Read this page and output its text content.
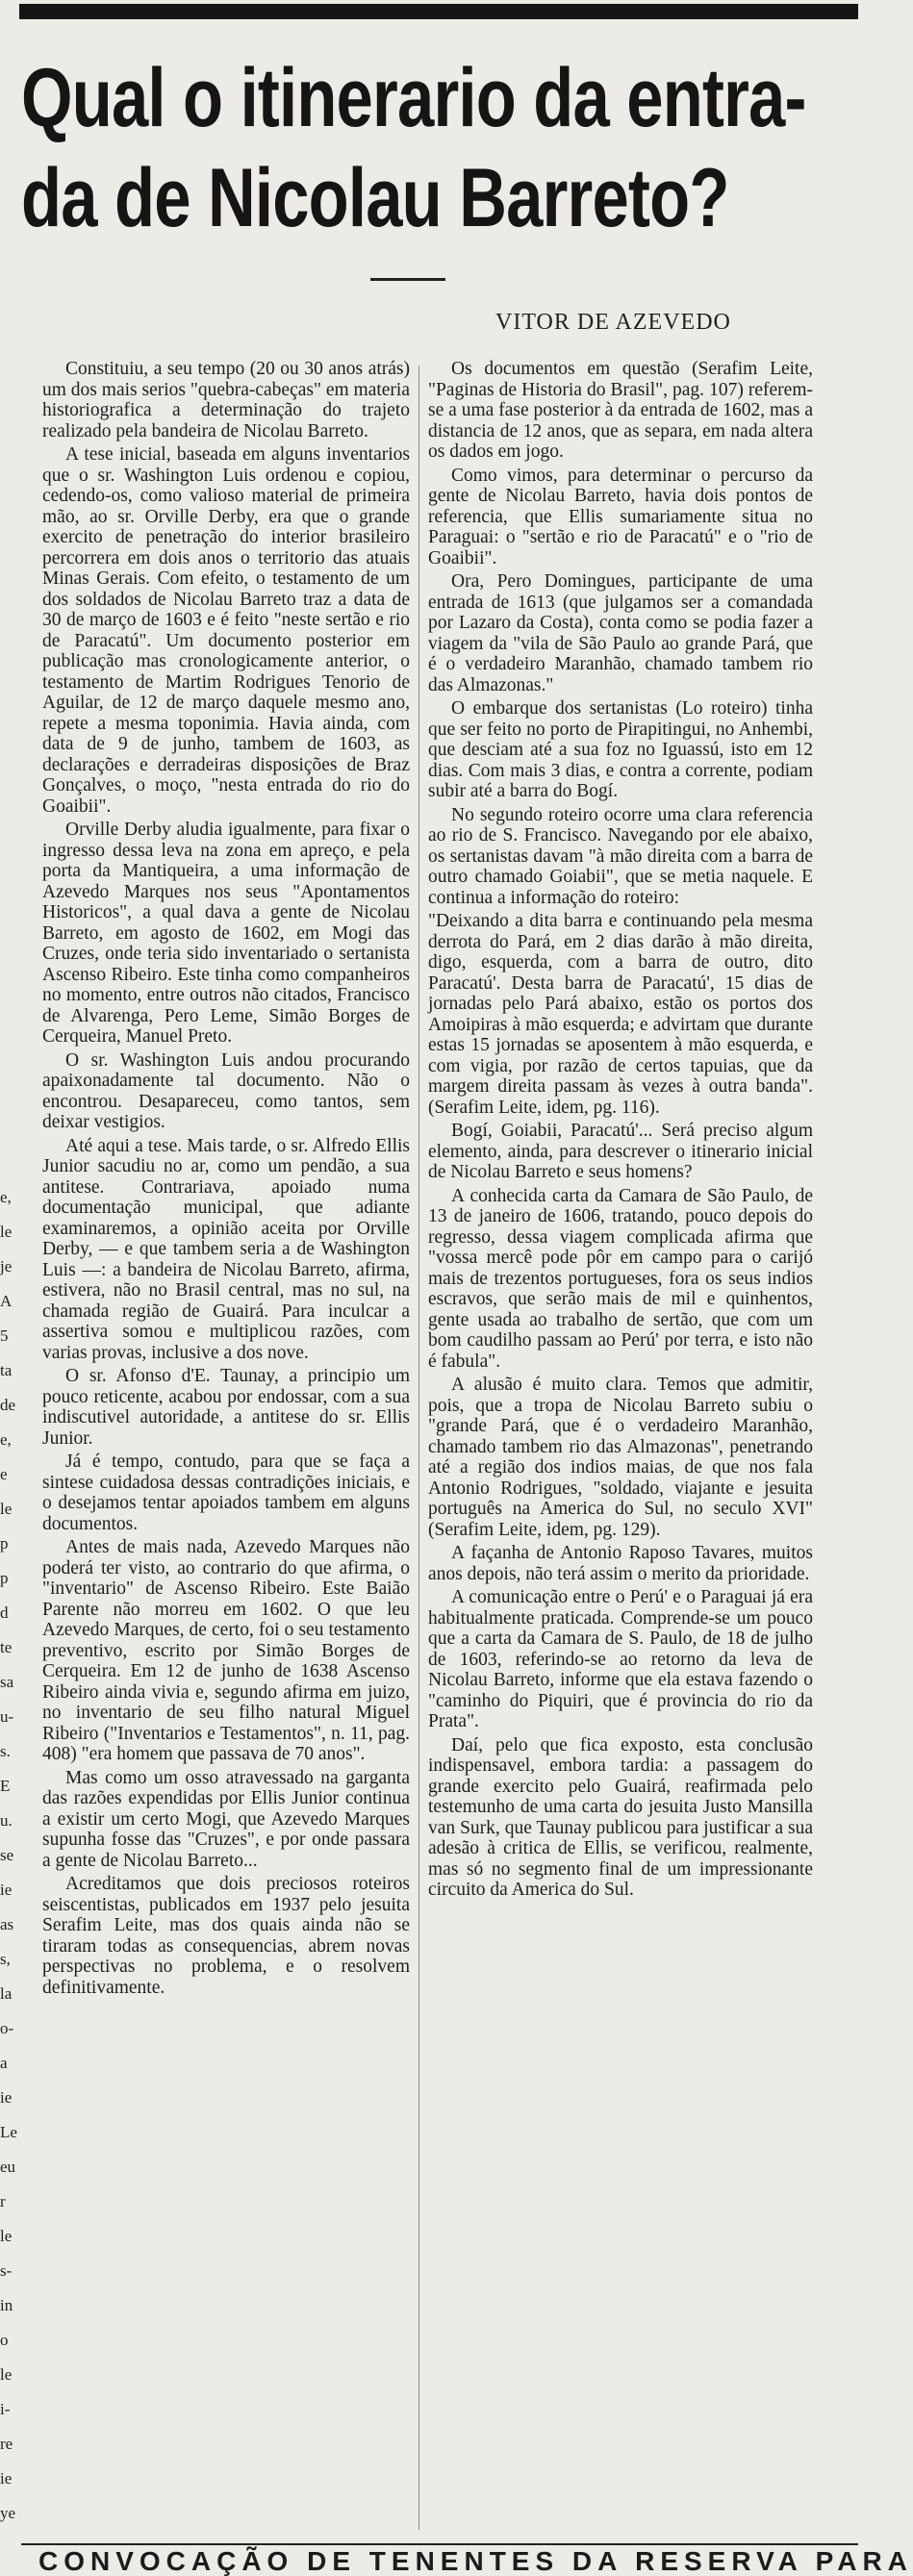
e,
le
je
A
5
ta
de
e,
e
le
p
p
d
te
sa
u-
s.
E
u.
se
ie
as
s,
la
o-
a
ie
Le
eu
r
le
s-
in
o
le
i-
re
ie
ye
Qual o itinerario da entra-
da de Nicolau Barreto?
VITOR DE AZEVEDO

Constituiu, a seu tempo (20 ou 30 anos atrás) um dos mais serios "quebra-cabeças" em materia historiografica a determinação do trajeto realizado pela bandeira de Nicolau Barreto.

A tese inicial, baseada em alguns inventarios que o sr. Washington Luis ordenou e copiou, cedendo-os, como valioso material de primeira mão, ao sr. Orville Derby, era que o grande exercito de penetração do interior brasileiro percorrera em dois anos o territorio das atuais Minas Gerais. Com efeito, o testamento de um dos soldados de Nicolau Barreto traz a data de 30 de março de 1603 e é feito "neste sertão e rio de Paracatú". Um documento posterior em publicação mas cronologicamente anterior, o testamento de Martim Rodrigues Tenorio de Aguilar, de 12 de março daquele mesmo ano, repete a mesma toponimia. Havia ainda, com data de 9 de junho, tambem de 1603, as declarações e derradeiras disposições de Braz Gonçalves, o moço, "nesta entrada do rio do Goaibii".

Orville Derby aludia igualmente, para fixar o ingresso dessa leva na zona em apreço, e pela porta da Mantiqueira, a uma informação de Azevedo Marques nos seus "Apontamentos Historicos", a qual dava a gente de Nicolau Barreto, em agosto de 1602, em Mogi das Cruzes, onde teria sido inventariado o sertanista Ascenso Ribeiro. Este tinha como companheiros no momento, entre outros não citados, Francisco de Alvarenga, Pero Leme, Simão Borges de Cerqueira, Manuel Preto.

O sr. Washington Luis andou procurando apaixonadamente tal documento. Não o encontrou. Desapareceu, como tantos, sem deixar vestigios.

Até aqui a tese. Mais tarde, o sr. Alfredo Ellis Junior sacudiu no ar, como um pendão, a sua antitese. Contrariava, apoiado numa documentação municipal, que adiante examinaremos, a opinião aceita por Orville Derby, — e que tambem seria a de Washington Luis —: a bandeira de Nicolau Barreto, afirma, estivera, não no Brasil central, mas no sul, na chamada região de Guairá. Para inculcar a assertiva somou e multiplicou razões, com varias provas, inclusive a dos nove.

O sr. Afonso d'E. Taunay, a principio um pouco reticente, acabou por endossar, com a sua indiscutivel autoridade, a antitese do sr. Ellis Junior.

Já é tempo, contudo, para que se faça a sintese cuidadosa dessas contradições iniciais, e o desejamos tentar apoiados tambem em alguns documentos.

Antes de mais nada, Azevedo Marques não poderá ter visto, ao contrario do que afirma, o "inventario" de Ascenso Ribeiro. Este Baião Parente não morreu em 1602. O que leu Azevedo Marques, de certo, foi o seu testamento preventivo, escrito por Simão Borges de Cerqueira. Em 12 de junho de 1638 Ascenso Ribeiro ainda vivia e, segundo afirma em juizo, no inventario de seu filho natural Miguel Ribeiro ("Inventarios e Testamentos", n. 11, pag. 408) "era homem que passava de 70 anos".

Mas como um osso atravessado na garganta das razões expendidas por Ellis Junior continua a existir um certo Mogi, que Azevedo Marques supunha fosse das "Cruzes", e por onde passara a gente de Nicolau Barreto...

Acreditamos que dois preciosos roteiros seiscentistas, publicados em 1937 pelo jesuita Serafim Leite, mas dos quais ainda não se tiraram todas as consequencias, abrem novas perspectivas no problema, e o resolvem definitivamente.

Os documentos em questão (Serafim Leite, "Paginas de Historia do Brasil", pag. 107) referem-se a uma fase posterior à da entrada de 1602, mas a distancia de 12 anos, que as separa, em nada altera os dados em jogo.

Como vimos, para determinar o percurso da gente de Nicolau Barreto, havia dois pontos de referencia, que Ellis sumariamente situa no Paraguai: o "sertão e rio de Paracatú" e o "rio de Goaibii".

Ora, Pero Domingues, participante de uma entrada de 1613 (que julgamos ser a comandada por Lazaro da Costa), conta como se podia fazer a viagem da "vila de São Paulo ao grande Pará, que é o verdadeiro Maranhão, chamado tambem rio das Almazonas."

O embarque dos sertanistas (Lo roteiro) tinha que ser feito no porto de Pirapitingui, no Anhembi, que desciam até a sua foz no Iguassú, isto em 12 dias. Com mais 3 dias, e contra a corrente, podiam subir até a barra do Bogí.

No segundo roteiro ocorre uma clara referencia ao rio de S. Francisco. Navegando por ele abaixo, os sertanistas davam "à mão direita com a barra de outro chamado Goiabii", que se metia naquele. E continua a informação do roteiro:

"Deixando a dita barra e continuando pela mesma derrota do Pará, em 2 dias darão à mão direita, digo, esquerda, com a barra de outro, dito Paracatú'. Desta barra de Paracatú', 15 dias de jornadas pelo Pará abaixo, estão os portos dos Amoipiras à mão esquerda; e advirtam que durante estas 15 jornadas se aposentem à mão esquerda, e com vigia, por razão de certos tapuias, que da margem direita passam às vezes à outra banda". (Serafim Leite, idem, pg. 116).

Bogí, Goiabii, Paracatú'... Será preciso algum elemento, ainda, para descrever o itinerario inicial de Nicolau Barreto e seus homens?

A conhecida carta da Camara de São Paulo, de 13 de janeiro de 1606, tratando, pouco depois do regresso, dessa viagem complicada afirma que "vossa mercê pode pôr em campo para o carijó mais de trezentos portugueses, fora os seus indios escravos, que serão mais de mil e quinhentos, gente usada ao trabalho de sertão, que com um bom caudilho passam ao Perú' por terra, e isto não é fabula".

A alusão é muito clara. Temos que admitir, pois, que a tropa de Nicolau Barreto subiu o "grande Pará, que é o verdadeiro Maranhão, chamado tambem rio das Almazonas", penetrando até a região dos indios maias, de que nos fala Antonio Rodrigues, "soldado, viajante e jesuita português na America do Sul, no seculo XVI" (Serafim Leite, idem, pg. 129).

A façanha de Antonio Raposo Tavares, muitos anos depois, não terá assim o merito da prioridade.

A comunicação entre o Perú' e o Paraguai já era habitualmente praticada. Comprende-se um pouco que a carta da Camara de S. Paulo, de 18 de julho de 1603, referindo-se ao retorno da leva de Nicolau Barreto, informe que ela estava fazendo o "caminho do Piquiri, que é provincia do rio da Prata".

Daí, pelo que fica exposto, esta conclusão indispensavel, embora tardia: a passagem do grande exercito pelo Guairá, reafirmada pelo testemunho de uma carta do jesuita Justo Mansilla van Surk, que Taunay publicou para justificar a sua adesão à critica de Ellis, se verificou, realmente, mas só no segmento final de um impressionante circuito da America do Sul.

CONVOCAÇÃO DE TENENTES DA RESERVA PARA
